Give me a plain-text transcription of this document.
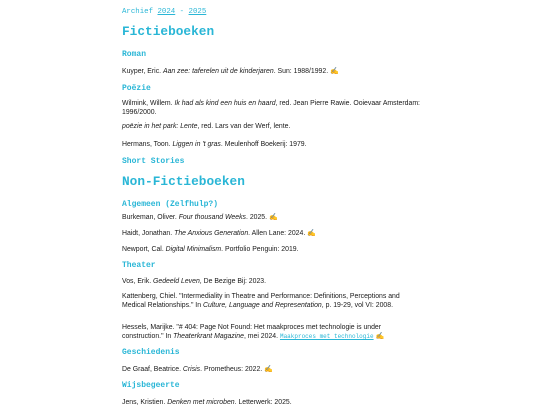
Archief 2024 - 2025
Fictieboeken
Roman

Kuyper, Eric. Aan zee: taferelen uit de kinderjaren. Sun: 1988/1992. ✍

Poëzie

Wilmink, Willem. Ik had als kind een huis en haard, red. Jean Pierre Rawie. Ooievaar Amsterdam: 1996/2000.

poëzie in het park: Lente, red. Lars van der Werf, lente.

Hermans, Toon. Liggen in 't gras. Meulenhoff Boekerij: 1979.

Short Stories
Non-Fictieboeken
Algemeen (Zelfhulp?)

Burkeman, Oliver. Four thousand Weeks. 2025. ✍

Haidt, Jonathan. The Anxious Generation. Allen Lane: 2024. ✍

Newport, Cal. Digital Minimalism. Portfolio Penguin: 2019.

Theater

Vos, Erik. Gedeeld Leven, De Bezige Bij: 2023.

Kattenberg, Chiel. "Intermediality in Theatre and Performance: Definitions, Perceptions and Medical Relationships." In Culture, Language and Representation, p. 19-29, vol VI: 2008.

Hessels, Marijke. "# 404: Page Not Found: Het maakproces met technologie is under construction." In Theaterkrant Magazine, mei 2024. Maakproces met technologie ✍

Geschiedenis

De Graaf, Beatrice. Crisis. Prometheus: 2022. ✍

Wijsbegeerte

Jens, Kristien. Denken met microben. Letterwerk: 2025.
